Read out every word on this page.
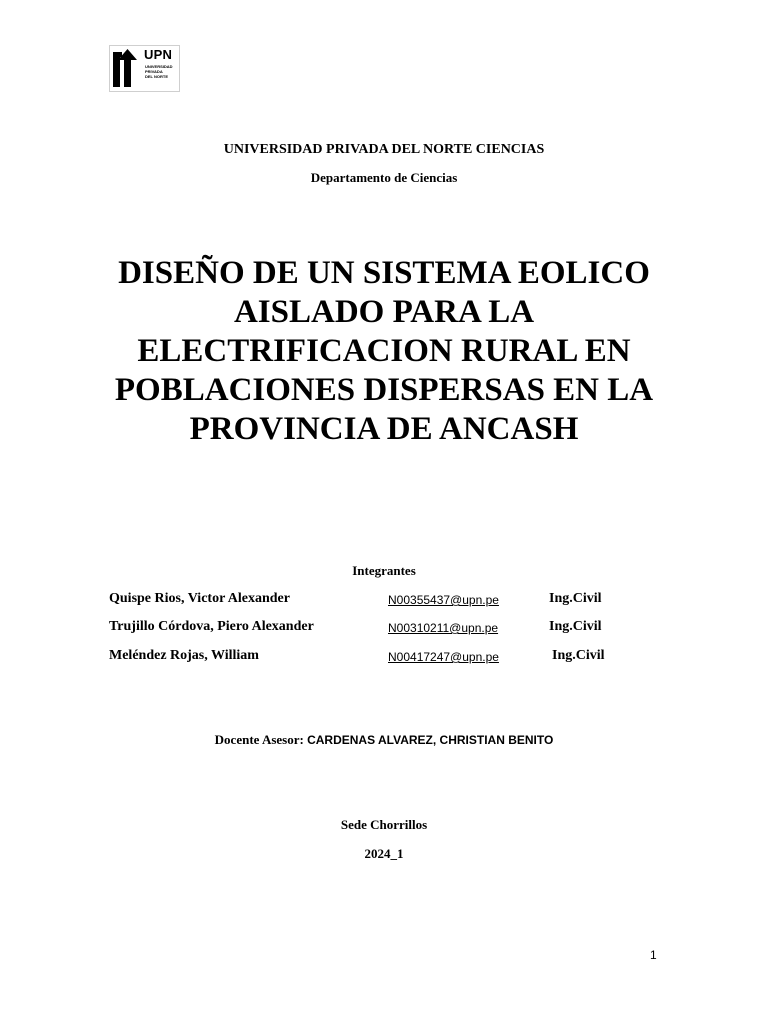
UPN
UNIVERSIDAD
PRIVADA
DEL NORTE
UNIVERSIDAD PRIVADA DEL NORTE CIENCIAS
Departamento de Ciencias
DISEÑO DE UN SISTEMA EOLICO
AISLADO PARA LA
ELECTRIFICACION RURAL EN
POBLACIONES DISPERSAS EN LA
PROVINCIA DE ANCASH
Integrantes
Quispe Rios, Victor Alexander	N00355437@upn.pe	Ing.Civil
Trujillo Córdova, Piero Alexander	N00310211@upn.pe	Ing.Civil
Meléndez Rojas, William	N00417247@upn.pe	Ing.Civil
Docente Asesor: CARDENAS ALVAREZ, CHRISTIAN BENITO
Sede Chorrillos
2024_1
1
